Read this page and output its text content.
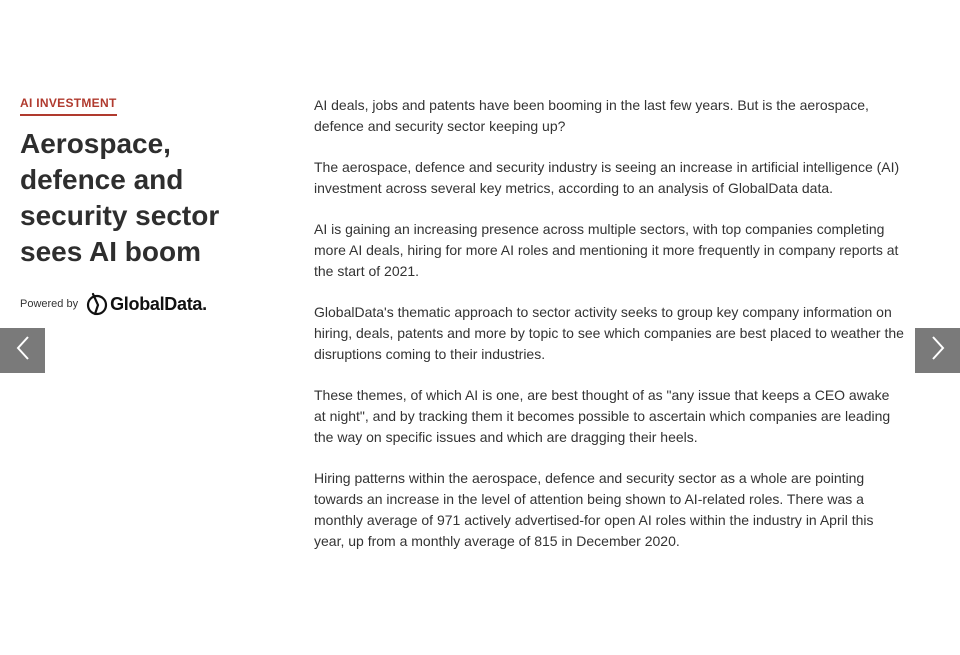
AI INVESTMENT
Aerospace, defence and security sector sees AI boom
Powered by GlobalData.

AI deals, jobs and patents have been booming in the last few years. But is the aerospace, defence and security sector keeping up?

The aerospace, defence and security industry is seeing an increase in artificial intelligence (AI) investment across several key metrics, according to an analysis of GlobalData data.

AI is gaining an increasing presence across multiple sectors, with top companies completing more AI deals, hiring for more AI roles and mentioning it more frequently in company reports at the start of 2021.

GlobalData's thematic approach to sector activity seeks to group key company information on hiring, deals, patents and more by topic to see which companies are best placed to weather the disruptions coming to their industries.

These themes, of which AI is one, are best thought of as "any issue that keeps a CEO awake at night", and by tracking them it becomes possible to ascertain which companies are leading the way on specific issues and which are dragging their heels.

Hiring patterns within the aerospace, defence and security sector as a whole are pointing towards an increase in the level of attention being shown to AI-related roles. There was a monthly average of 971 actively advertised-for open AI roles within the industry in April this year, up from a monthly average of 815 in December 2020.
